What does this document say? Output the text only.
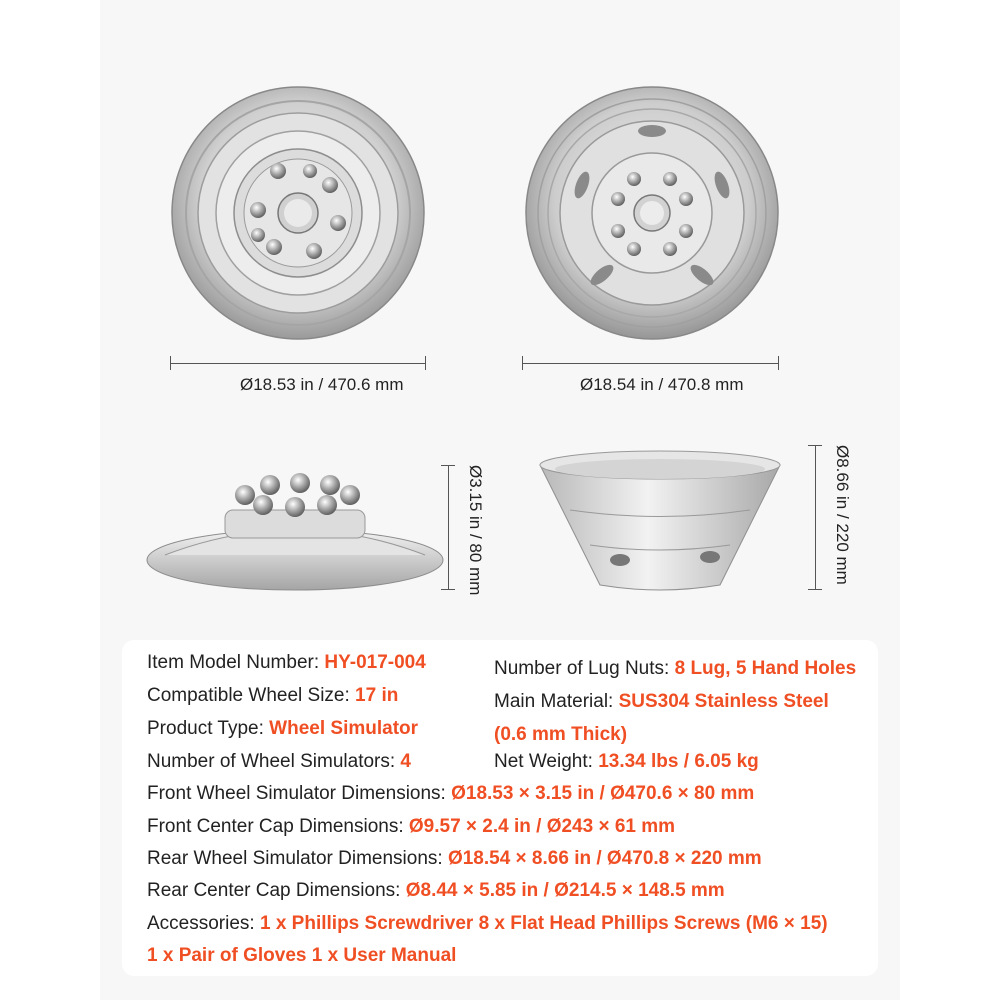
Ø18.53 in / 470.6 mm	Ø18.54 in / 470.8 mm
Ø3.15 in / 80 mm	Ø8.66 in / 220 mm
Item Model Number: HY-017-004
Compatible Wheel Size: 17 in
Product Type: Wheel Simulator
Number of Wheel Simulators: 4
Number of Lug Nuts: 8 Lug, 5 Hand Holes
Main Material: SUS304 Stainless Steel
(0.6 mm Thick)
Net Weight: 13.34 lbs / 6.05 kg
Front Wheel Simulator Dimensions: Ø18.53 × 3.15 in / Ø470.6 × 80 mm
Front Center Cap Dimensions: Ø9.57 × 2.4 in / Ø243 × 61 mm
Rear Wheel Simulator Dimensions: Ø18.54 × 8.66 in / Ø470.8 × 220 mm
Rear Center Cap Dimensions: Ø8.44 × 5.85 in / Ø214.5 × 148.5 mm
Accessories: 1 x Phillips Screwdriver 8 x Flat Head Phillips Screws (M6 × 15)
1 x Pair of Gloves 1 x User Manual
